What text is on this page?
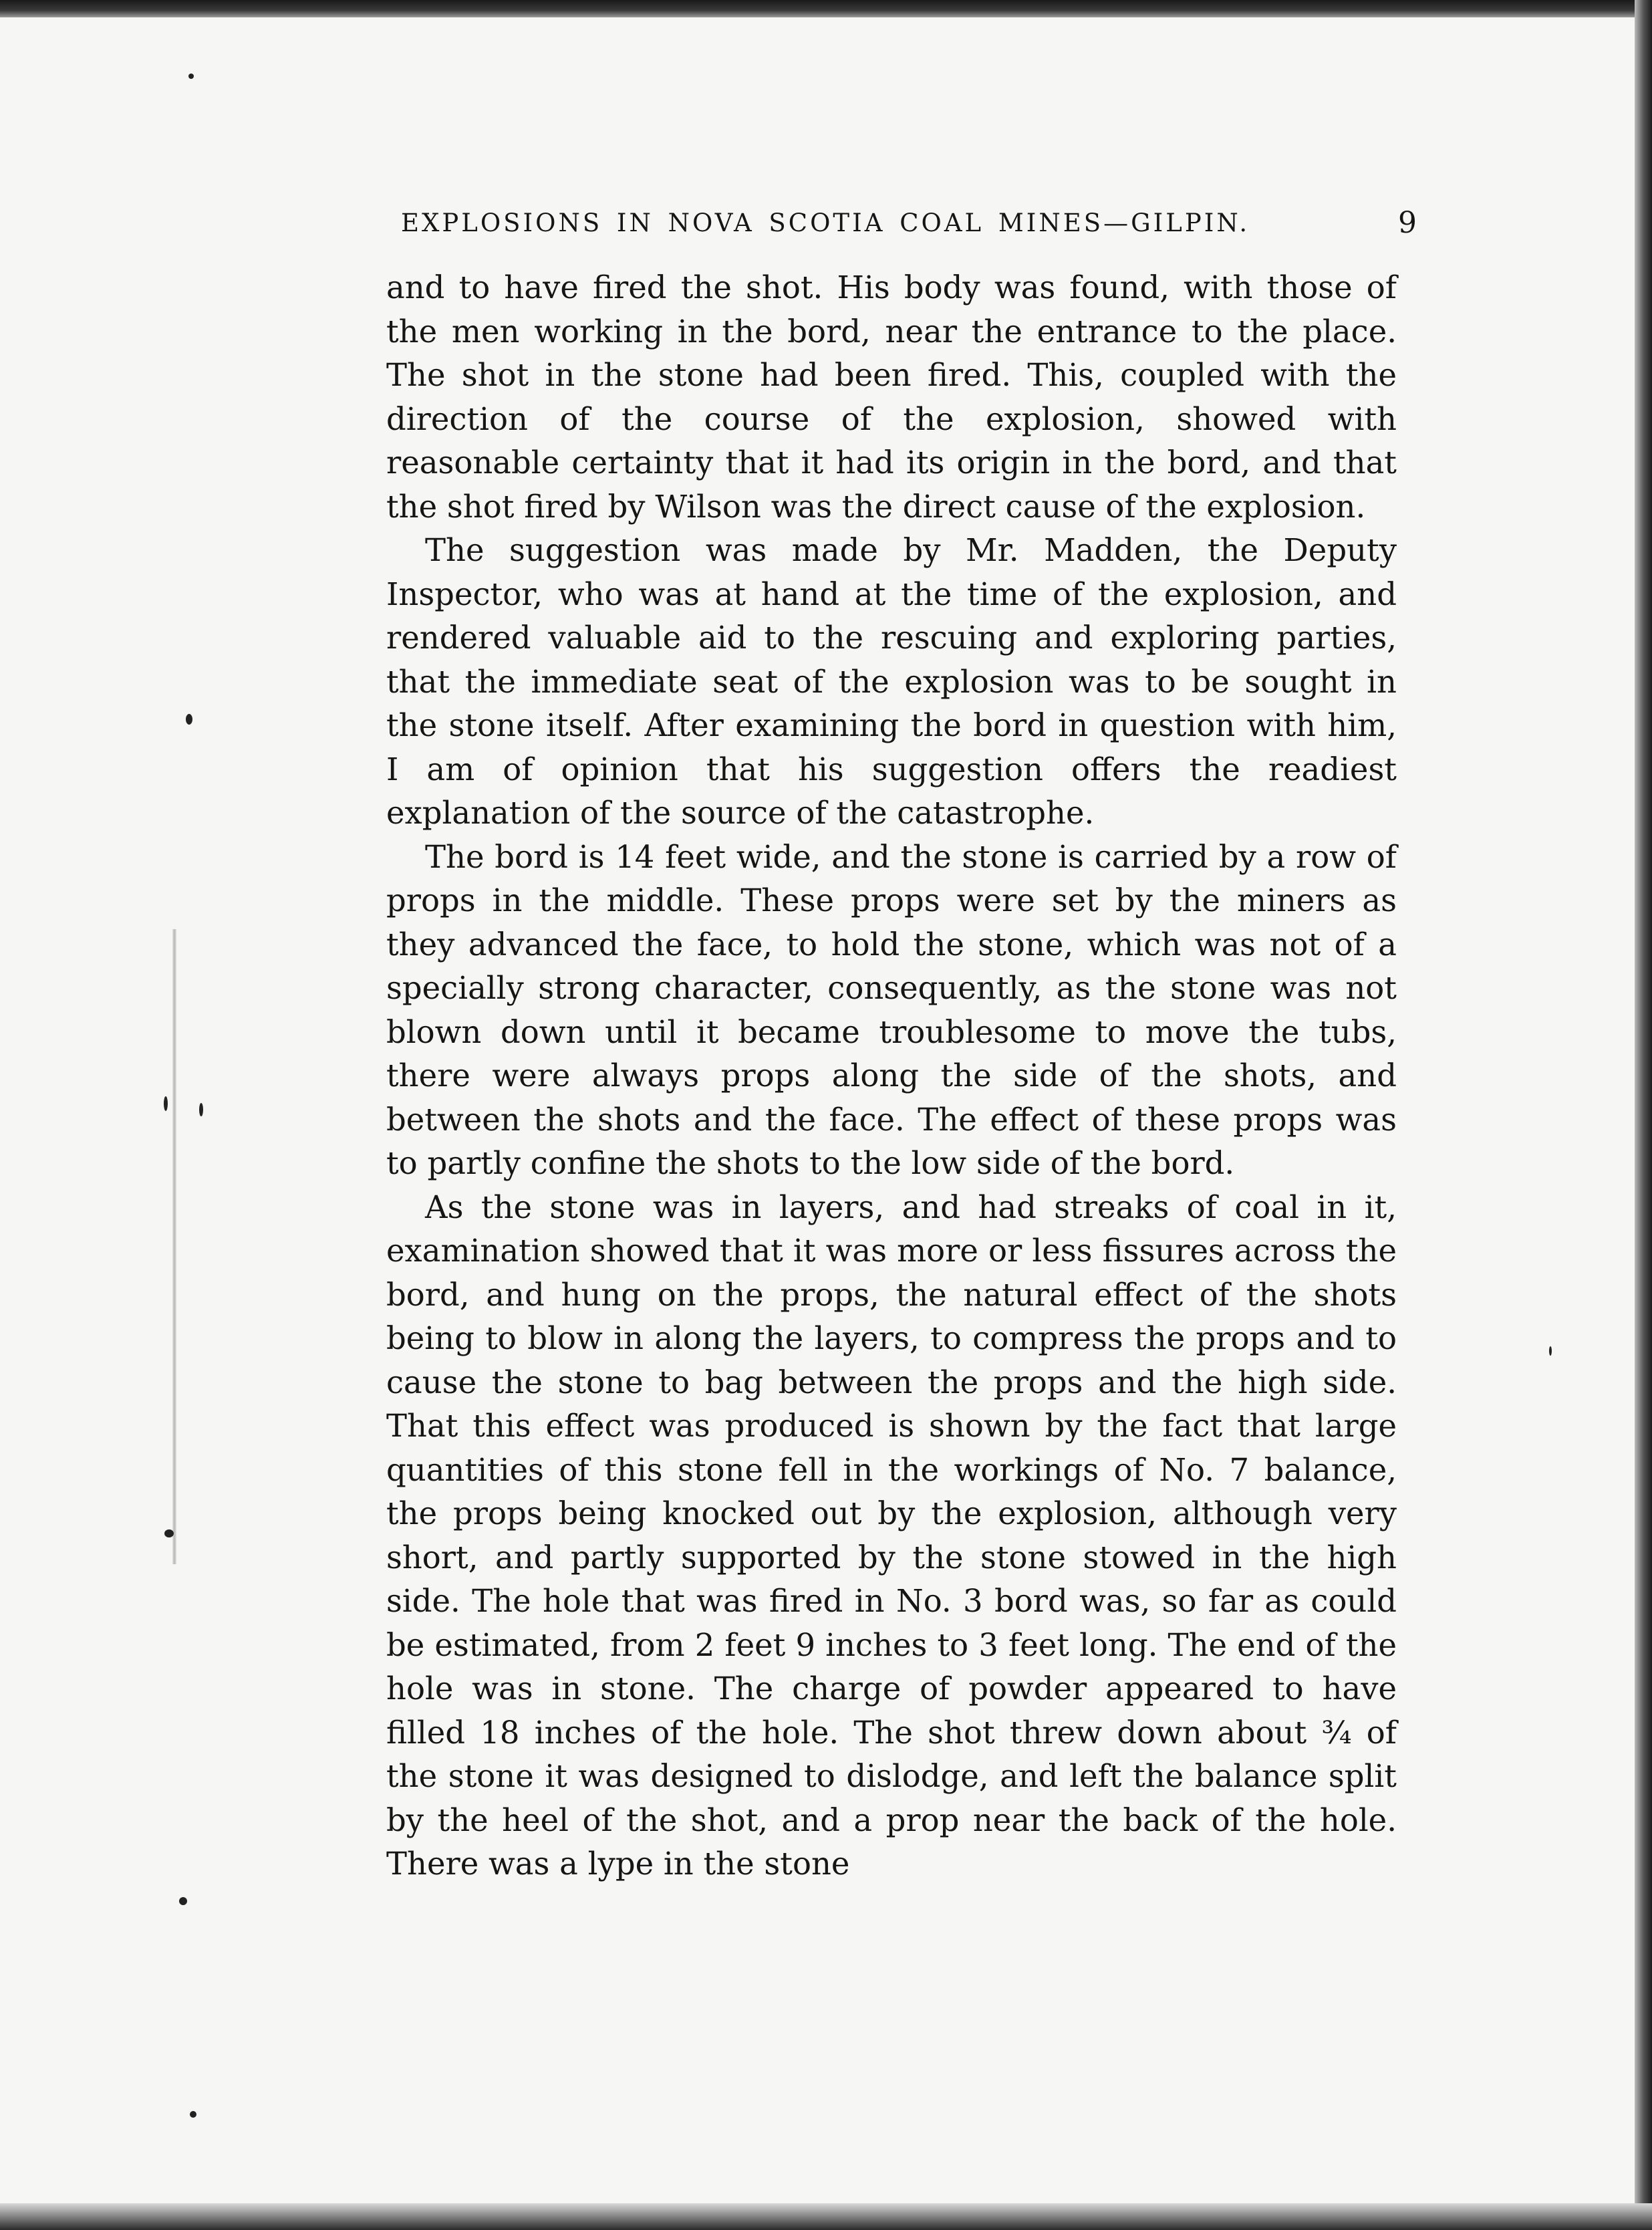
EXPLOSIONS IN NOVA SCOTIA COAL MINES—GILPIN.	9

and to have fired the shot. His body was found, with those of the men working in the bord, near the entrance to the place. The shot in the stone had been fired. This, coupled with the direction of the course of the explosion, showed with reasonable certainty that it had its origin in the bord, and that the shot fired by Wilson was the direct cause of the explosion.

The suggestion was made by Mr. Madden, the Deputy Inspector, who was at hand at the time of the explosion, and rendered valuable aid to the rescuing and exploring parties, that the immediate seat of the explosion was to be sought in the stone itself. After examining the bord in question with him, I am of opinion that his suggestion offers the readiest explanation of the source of the catastrophe.

The bord is 14 feet wide, and the stone is carried by a row of props in the middle. These props were set by the miners as they advanced the face, to hold the stone, which was not of a specially strong character, consequently, as the stone was not blown down until it became troublesome to move the tubs, there were always props along the side of the shots, and between the shots and the face. The effect of these props was to partly confine the shots to the low side of the bord.

As the stone was in layers, and had streaks of coal in it, examination showed that it was more or less fissures across the bord, and hung on the props, the natural effect of the shots being to blow in along the layers, to compress the props and to cause the stone to bag between the props and the high side. That this effect was produced is shown by the fact that large quantities of this stone fell in the workings of No. 7 balance, the props being knocked out by the explosion, although very short, and partly supported by the stone stowed in the high side. The hole that was fired in No. 3 bord was, so far as could be estimated, from 2 feet 9 inches to 3 feet long. The end of the hole was in stone. The charge of powder appeared to have filled 18 inches of the hole. The shot threw down about ¾ of the stone it was designed to dislodge, and left the balance split by the heel of the shot, and a prop near the back of the hole. There was a lype in the stone
